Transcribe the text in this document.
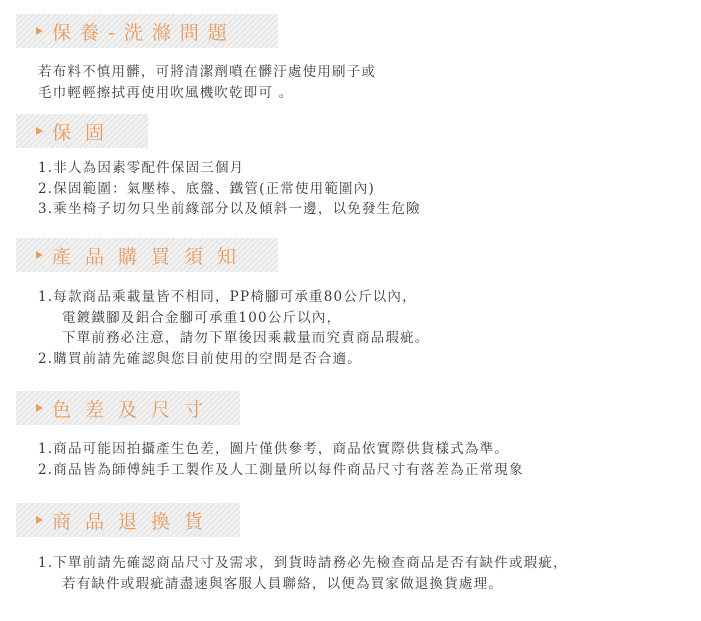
保養-洗滌問題
若布料不慎用髒，可將清潔劑噴在髒汙處使用刷子或
毛巾輕輕擦拭再使用吹風機吹乾即可 。
保固
1.非人為因素零配件保固三個月
2.保固範圍：氣壓棒、底盤、鐵管(正常使用範圍內)
3.乘坐椅子切勿只坐前緣部分以及傾斜一邊，以免發生危險
產品購買須知
1.每款商品乘載量皆不相同，PP椅腳可承重80公斤以內，
電鍍鐵腳及鋁合金腳可承重100公斤以內，
下單前務必注意，請勿下單後因乘載量而究責商品瑕疵。
2.購買前請先確認與您目前使用的空間是否合適。
色差及尺寸
1.商品可能因拍攝產生色差，圖片僅供參考，商品依實際供貨樣式為準。
2.商品皆為師傅純手工製作及人工測量所以每件商品尺寸有落差為正常現象
商品退換貨
1.下單前請先確認商品尺寸及需求，到貨時請務必先檢查商品是否有缺件或瑕疵，
若有缺件或瑕疵請盡速與客服人員聯絡，以便為買家做退換貨處理。
